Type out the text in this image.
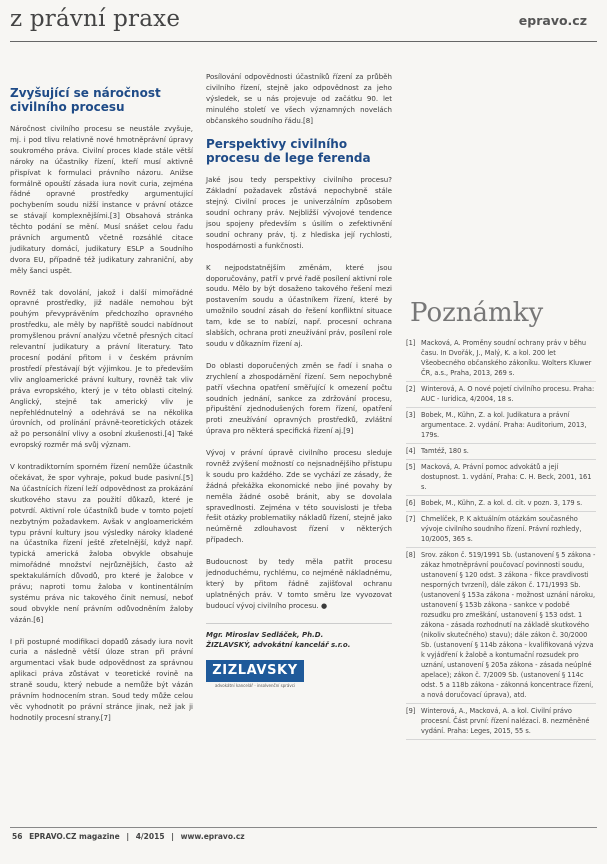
z právní praxe	epravo.cz
Zvyšující se náročnost civilního procesu

Náročnost civilního procesu se neustále zvyšuje, mj. i pod tlivu relativně nové hmotněprávní úpravy soukromého práva. Civilní proces klade stále větší nároky na účastníky řízení, kteří musí aktivně přispívat k formulaci právního názoru. Anižse formálně opouští zásada iura novit curia, zejména řádné opravné prostředky argumentující pochybením soudu nižší instance v právní otázce se stávají komplexnějšími.[3] Obsahová stránka těchto podání se mění. Musí snášet celou řadu právních argumentů včetně rozsáhlé citace judikatury domácí, judikatury ESLP a Soudního dvora EU, případně též judikatury zahraniční, aby měly šanci uspět.

Rovněž tak dovolání, jakož i další mimořádné opravné prostředky, již nadále nemohou být pouhým převyprávěním předchozího opravného prostředku, ale měly by napříště soudci nabídnout promyšlenou právní analýzu včetně přesných citací relevantní judikatury a právní literatury. Tato procesní podání přitom i v českém právním prostředí přestávají být výjimkou. Je to především vliv angloamerické právní kultury, rovněž tak vliv práva evropského, který je v této oblasti citelný. Anglický, stejně tak americký vliv je nepřehlédnutelný a odehrává se na několika úrovních, od prolínání právně-teoretických otázek až po personální vlivy a osobní zkušenosti.[4] Také evropský rozměr má svůj význam.

V kontradiktorním sporném řízení nemůže účastník očekávat, že spor vyhraje, pokud bude pasivní.[5] Na účastnících řízení leží odpovědnost za prokázání skutkového stavu za použití důkazů, které je potvrdí. Aktivní role účastníků bude v tomto pojetí nezbytným požadavkem. Avšak v angloamerickém typu právní kultury jsou výsledky nároky kladené na účastníka řízení ještě zřetelnější, když např. typická americká žaloba obvykle obsahuje mimořádné množství nejrůznějších, často až spektakulárních důvodů, pro které je žalobce v právu; naproti tomu žaloba v kontinentálním systému práva nic takového činit nemusí, neboť soud obvykle není právním odůvodněním žaloby vázán.[6]

I při postupné modifikaci dopadů zásady iura novit curia a následně větší úloze stran při právní argumentaci však bude odpovědnost za správnou aplikaci práva zůstávat v teoretické rovině na straně soudu, který nebude a nemůže být vázán právním hodnocením stran. Soud tedy může celou věc vyhodnotit po právní stránce jinak, než jak ji hodnotily procesní strany.[7]

Posílování odpovědnosti účastníků řízení za průběh civilního řízení, stejně jako odpovědnost za jeho výsledek, se u nás projevuje od začátku 90. let minulého století ve všech významných novelách občanského soudního řádu.[8]

Perspektivy civilního procesu de lege ferenda

Jaké jsou tedy perspektivy civilního procesu? Základní požadavek zůstává nepochybně stále stejný. Civilní proces je univerzálním způsobem soudní ochrany práv. Nejbližší vývojové tendence jsou spojeny především s úsilím o zefektivnění soudní ochrany práv, tj. z hlediska její rychlosti, hospodárnosti a funkčnosti.

K nejpodstatnějším změnám, které jsou doporučovány, patří v prvé řadě posílení aktivní role soudu. Mělo by být dosaženo takového řešení mezi postavením soudu a účastníkem řízení, které by umožnilo soudní zásah do řešení konfliktní situace tam, kde se to nabízí, např. procesní ochrana slabších, ochrana proti zneužívání práv, posílení role soudu v důkazním řízení aj.

Do oblasti doporučených změn se řadí i snaha o zrychlení a zhospodárnění řízení. Sem nepochybně patří všechna opatření směřující k omezení počtu soudních jednání, sankce za zdržování procesu, připuštění zjednodušených forem řízení, opatření proti zneužívání opravných prostředků, zvláštní úprava pro některá specifická řízení aj.[9]

Vývoj v právní úpravě civilního procesu sleduje rovněž zvýšení možností co nejsnadnějšího přístupu k soudu pro každého. Zde se vychází ze zásady, že žádná překážka ekonomické nebo jiné povahy by neměla žádné osobě bránit, aby se dovolala spravedlnosti. Zejména v této souvislosti je třeba řešit otázky problematiky nákladů řízení, stejně jako neúměrně zdlouhavost řízení v některých případech.

Budoucnost by tedy měla patřit procesu jednoduchému, rychlému, co nejméně nákladnému, který by přitom řádně zajišťoval ochranu uplatněných práv. V tomto směru lze vyvozovat budoucí vývoj civilního procesu. ●

Mgr. Miroslav Sedláček, Ph.D.
ŽIZLAVSKÝ, advokátní kancelář s.r.o.
ZIZLAVSKY
advokátní kancelář · insolvenční správci
Poznámky
[1] Macková, A. Proměny soudní ochrany práv v běhu času. In Dvořák, J., Malý, K. a kol. 200 let Všeobecného občanského zákoníku. Wolters Kluwer ČR, a.s., Praha, 2013, 269 s.
[2] Winterová, A. O nové pojetí civilního procesu. Praha: AUC - Iuridica, 4/2004, 18 s.
[3] Bobek, M., Kühn, Z. a kol. Judikatura a právní argumentace. 2. vydání. Praha: Auditorium, 2013, 179s.
[4] Tamtéž, 180 s.
[5] Macková, A. Právní pomoc advokátů a její dostupnost. 1. vydání, Praha: C. H. Beck, 2001, 161 s.
[6] Bobek, M., Kühn, Z. a kol. d. cit. v pozn. 3, 179 s.
[7] Chmelíček, P. K aktuálním otázkám současného vývoje civilního soudního řízení. Právní rozhledy, 10/2005, 365 s.
[8] Srov. zákon č. 519/1991 Sb. (ustanovení § 5 zákona - zákaz hmotněprávní poučovací povinnosti soudu, ustanovení § 120 odst. 3 zákona - fikce pravdivosti nesporných tvrzení), dále zákon č. 171/1993 Sb. (ustanovení § 153a zákona - možnost uznání nároku, ustanovení § 153b zákona - sankce v podobě rozsudku pro zmeškání, ustanovení § 153 odst. 1 zákona - zásada rozhodnutí na základě skutkového (nikoliv skutečného) stavu); dále zákon č. 30/2000 Sb. (ustanovení § 114b zákona - kvalifikovaná výzva k vyjádření k žalobě a kontumační rozsudek pro uznání, ustanovení § 205a zákona - zásada neúplné apelace); zákon č. 7/2009 Sb. (ustanovení § 114c odst. 5 a 118b zákona - zákonná koncentrace řízení, a nová doručovací úprava), atd.
[9] Winterová, A., Macková, A. a kol. Civilní právo procesní. Část první: řízení nalézací. 8. nezměněné vydání. Praha: Leges, 2015, 55 s.
56 EPRAVO.CZ magazine | 4/2015 | www.epravo.cz
